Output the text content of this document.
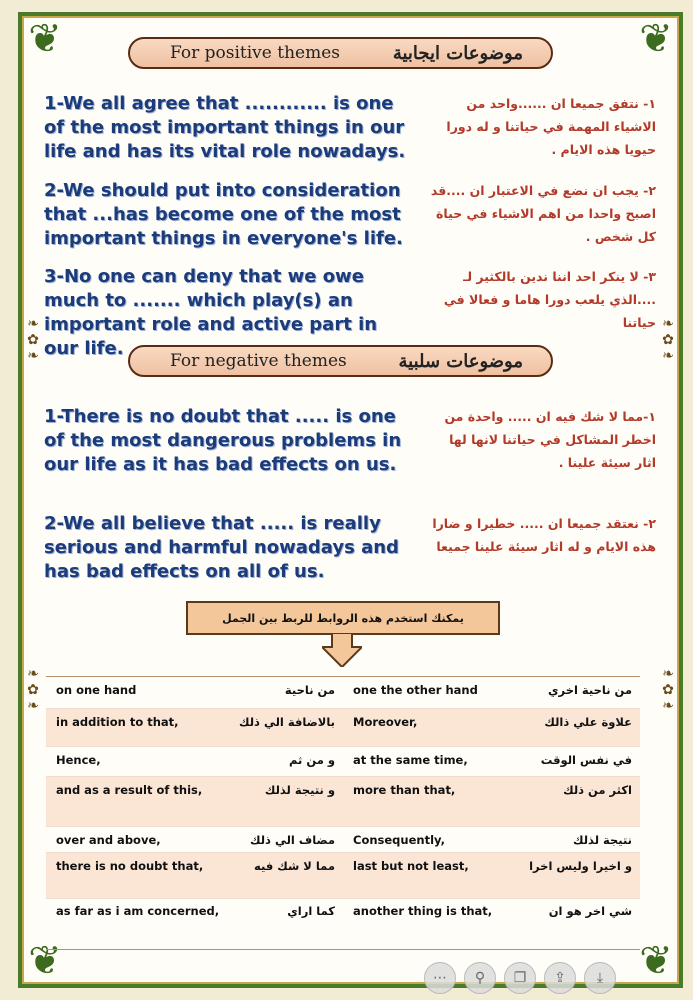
❦	❦
❦	❦
❧
✿
❧
❧
✿
❧
❧
✿
❧
❧
✿
❧
For positive themes	موضوعات ايجابية
1-We all agree that ............ is one of the most important things in our life and has its vital role nowadays.
١- نتفق جميعا ان ......واحد من الاشياء المهمة في حياتنا و له دورا حيويا هذه الايام .
2-We should put into consideration that ...has become one of the most important things in everyone's life.
٢- يجب ان نضع في الاعتبار ان ....قد اصبح واحدا من اهم الاشياء في حياة كل شخص .
3-No one can deny that we owe much to ....... which play(s) an important role and active part in our life.
٣- لا ينكر احد اننا ندين بالكثير لـ ....الذي يلعب دورا هاما و فعالا في حياتنا
For negative themes	موضوعات سلبية
1-There is no doubt that ..... is one of the most dangerous problems in our life as it has bad effects on us.
١-مما لا شك فيه ان ..... واحدة من اخطر المشاكل في حياتنا لانها لها اثار سيئة علينا .
2-We all believe that ..... is really serious and harmful nowadays and has bad effects on all of us.
٢- نعتقد جميعا ان ..... خطيرا و ضارا هذه الايام و له اثار سيئة علينا جميعا
يمكنك استخدم هذه الروابط للربط بين الجمل
on one hand	من ناحية one the other hand	من ناحية اخري
in addition to that,	بالاضافة الي ذلك Moreover,	علاوة علي ذالك
Hence,	و من ثم at the same time,	في نفس الوقت
and as a result of this,	و نتيجة لذلك more than that,	اكثر من ذلك
over and above,	مضاف الي ذلك Consequently,	نتيجة لذلك
there is no doubt that,	مما لا شك فيه last but not least,	و اخيرا وليس اخرا
as far as i am concerned,	كما اراي another thing is that,	شي اخر هو ان
⋯	⚲	❐	⇪	⤓
